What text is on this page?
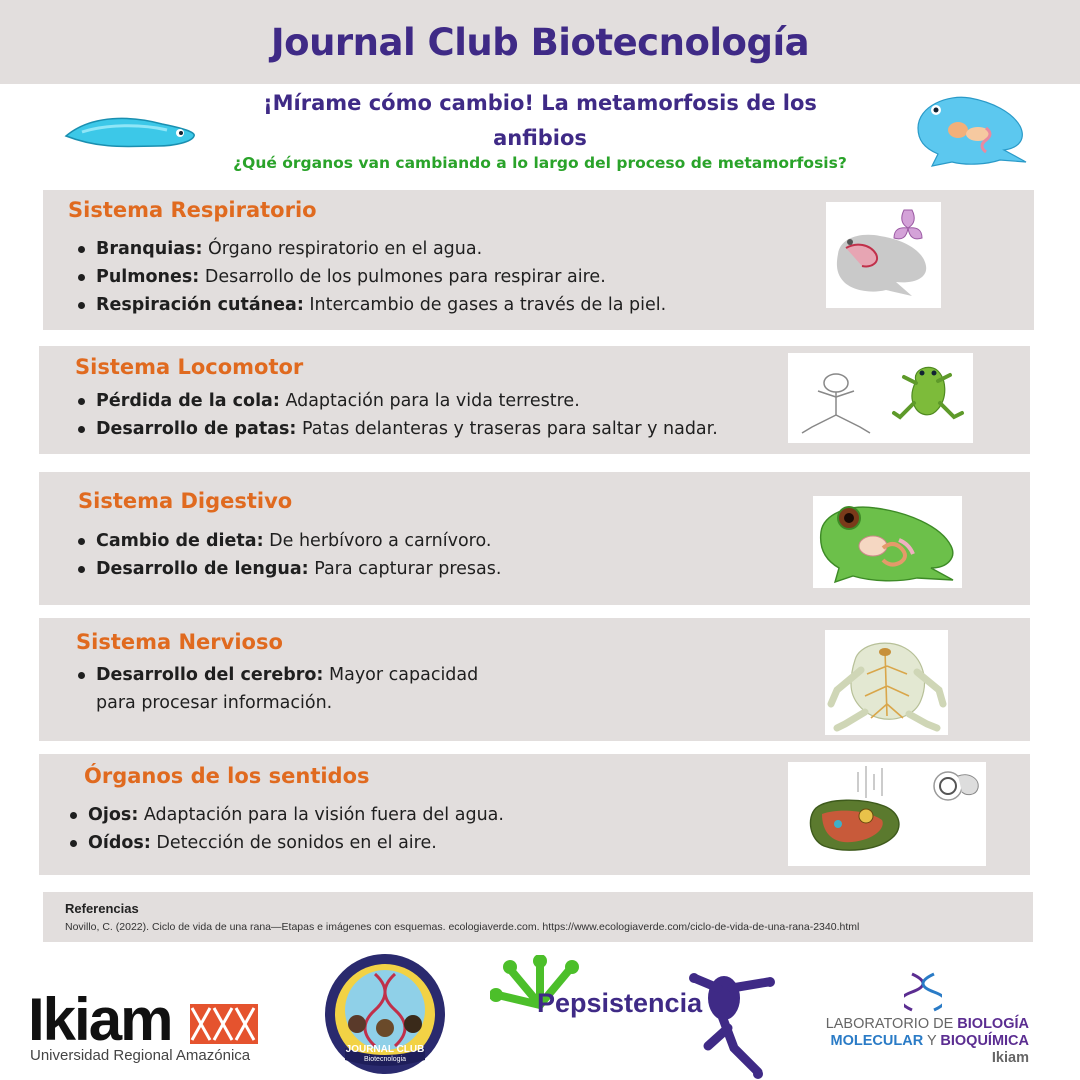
Journal Club Biotecnología
¡Mírame cómo cambio! La metamorfosis de los
anfibios
¿Qué órganos van cambiando a lo largo del proceso de metamorfosis?
Sistema Respiratorio
Branquias: Órgano respiratorio en el agua.
Pulmones: Desarrollo de los pulmones para respirar aire.
Respiración cutánea: Intercambio de gases a través de la piel.
Sistema Locomotor
Pérdida de la cola: Adaptación para la vida terrestre.
Desarrollo de patas: Patas delanteras y traseras para saltar y nadar.
Sistema Digestivo
Cambio de dieta: De herbívoro a carnívoro.
Desarrollo de lengua: Para capturar presas.
Sistema Nervioso
Desarrollo del cerebro: Mayor capacidad para procesar información.
Órganos de los sentidos
Ojos: Adaptación para la visión fuera del agua.
Oídos: Detección de sonidos en el aire.
Referencias
Novillo, C. (2022). Ciclo de vida de una rana—Etapas e imágenes con esquemas. ecologiaverde.com. https://www.ecologiaverde.com/ciclo-de-vida-de-una-rana-2340.html
Ikiam
Universidad Regional Amazónica	JOURNAL CLUB
Biotecnologia
Pepsistencia
LABORATORIO DE BIOLOGÍA
MOLECULAR Y BIOQUÍMICA
Ikiam
